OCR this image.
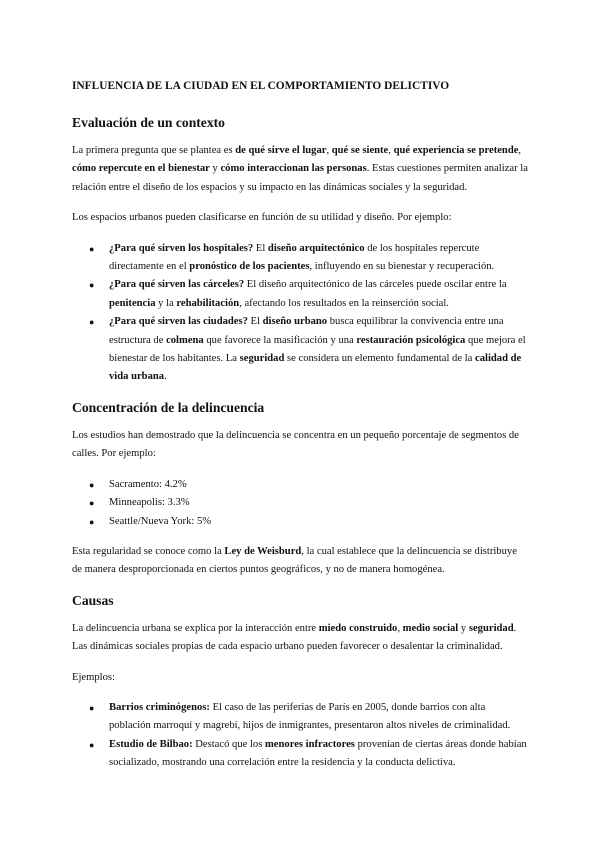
INFLUENCIA DE LA CIUDAD EN EL COMPORTAMIENTO DELICTIVO
Evaluación de un contexto

La primera pregunta que se plantea es de qué sirve el lugar, qué se siente, qué experiencia se pretende, cómo repercute en el bienestar y cómo interaccionan las personas. Estas cuestiones permiten analizar la relación entre el diseño de los espacios y su impacto en las dinámicas sociales y la seguridad.

Los espacios urbanos pueden clasificarse en función de su utilidad y diseño. Por ejemplo:

● ¿Para qué sirven los hospitales? El diseño arquitectónico de los hospitales repercute directamente en el pronóstico de los pacientes, influyendo en su bienestar y recuperación.
● ¿Para qué sirven las cárceles? El diseño arquitectónico de las cárceles puede oscilar entre la penitencia y la rehabilitación, afectando los resultados en la reinserción social.
● ¿Para qué sirven las ciudades? El diseño urbano busca equilibrar la convivencia entre una estructura de colmena que favorece la masificación y una restauración psicológica que mejora el bienestar de los habitantes. La seguridad se considera un elemento fundamental de la calidad de vida urbana.
Concentración de la delincuencia

Los estudios han demostrado que la delincuencia se concentra en un pequeño porcentaje de segmentos de calles. Por ejemplo:

● Sacramento: 4.2%
● Minneapolis: 3.3%
● Seattle/Nueva York: 5%

Esta regularidad se conoce como la Ley de Weisburd, la cual establece que la delincuencia se distribuye de manera desproporcionada en ciertos puntos geográficos, y no de manera homogénea.

Causas

La delincuencia urbana se explica por la interacción entre miedo construido, medio social y seguridad. Las dinámicas sociales propias de cada espacio urbano pueden favorecer o desalentar la criminalidad.

Ejemplos:

● Barrios criminógenos: El caso de las periferias de París en 2005, donde barrios con alta población marroquí y magrebí, hijos de inmigrantes, presentaron altos niveles de criminalidad.
● Estudio de Bilbao: Destacó que los menores infractores provenían de ciertas áreas donde habían socializado, mostrando una correlación entre la residencia y la conducta delictiva.
